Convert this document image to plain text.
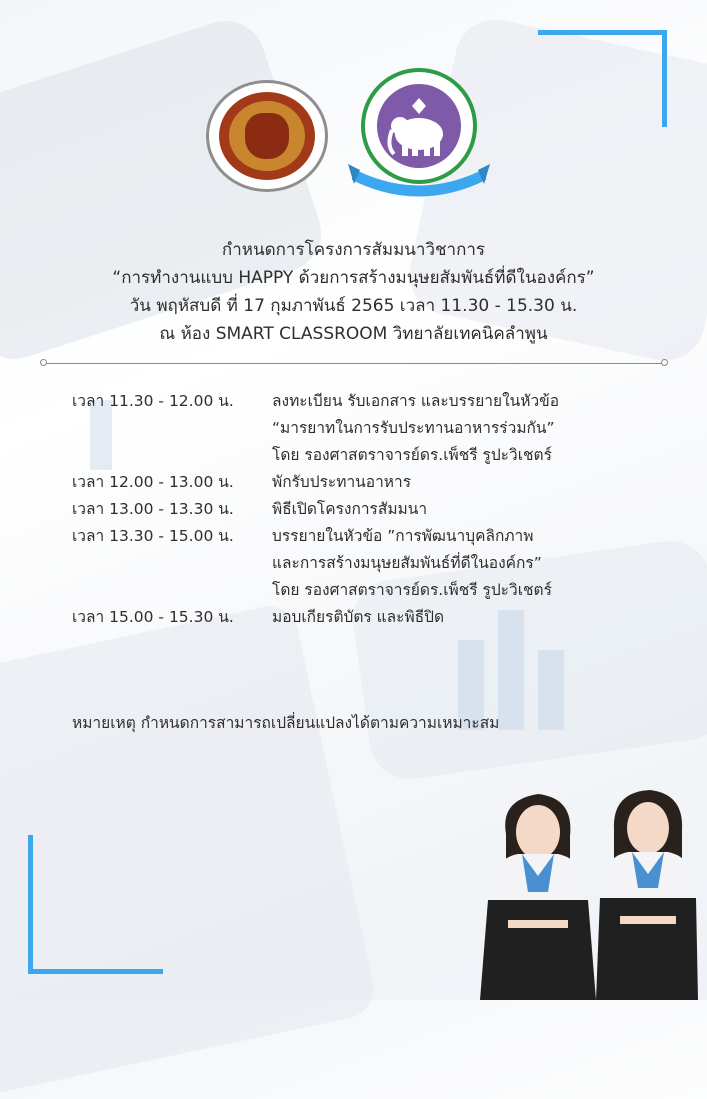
กำหนดการโครงการสัมมนาวิชาการ
“การทำงานแบบ HAPPY ด้วยการสร้างมนุษยสัมพันธ์ที่ดีในองค์กร”
วัน พฤหัสบดี ที่ 17 กุมภาพันธ์ 2565 เวลา 11.30 - 15.30 น.
ณ ห้อง SMART CLASSROOM วิทยาลัยเทคนิคลำพูน
เวลา 11.30 - 12.00 น.	ลงทะเบียน รับเอกสาร และบรรยายในหัวข้อ
“มารยาทในการรับประทานอาหารร่วมกัน”
โดย รองศาสตราจารย์ดร.เพ็ชรี รูปะวิเชตร์
เวลา 12.00 - 13.00 น.	พักรับประทานอาหาร
เวลา 13.00 - 13.30 น.	พิธีเปิดโครงการสัมมนา
เวลา 13.30 - 15.00 น.	บรรยายในหัวข้อ ”การพัฒนาบุคลิกภาพ
และการสร้างมนุษยสัมพันธ์ที่ดีในองค์กร”
โดย รองศาสตราจารย์ดร.เพ็ชรี รูปะวิเชตร์
เวลา 15.00 - 15.30 น.	มอบเกียรติบัตร และพิธีปิด
หมายเหตุ กำหนดการสามารถเปลี่ยนแปลงได้ตามความเหมาะสม
